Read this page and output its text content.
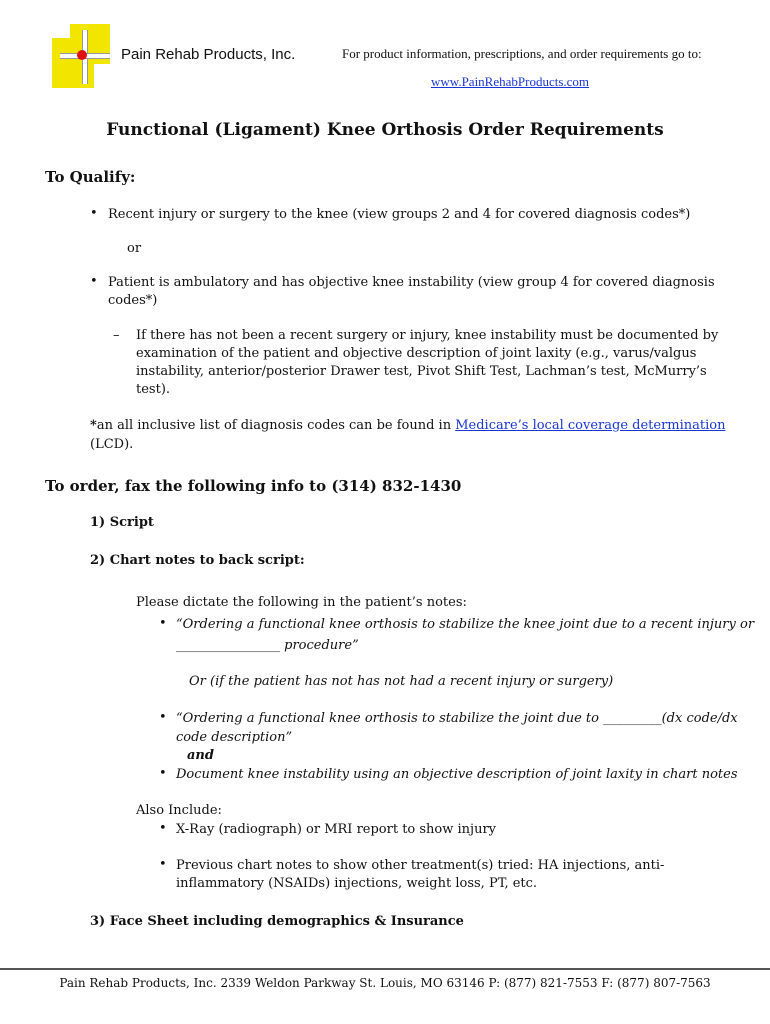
Pain Rehab Products, Inc.	For product information, prescriptions, and order requirements go to:
www.PainRehabProducts.com
Functional (Ligament) Knee Orthosis Order Requirements
To Qualify:
• Recent injury or surgery to the knee (view groups 2 and 4 for covered diagnosis codes*)
or
• Patient is ambulatory and has objective knee instability (view group 4 for covered diagnosis
codes*)
– If there has not been a recent surgery or injury, knee instability must be documented by
examination of the patient and objective description of joint laxity (e.g., varus/valgus
instability, anterior/posterior Drawer test, Pivot Shift Test, Lachman’s test, McMurry’s
test).
*an all inclusive list of diagnosis codes can be found in Medicare’s local coverage determination
(LCD).
To order, fax the following info to (314) 832-1430
1) Script
2) Chart notes to back script:
Please dictate the following in the patient’s notes:
• “Ordering a functional knee orthosis to stabilize the knee joint due to a recent injury or
________________ procedure”
Or (if the patient has not has not had a recent injury or surgery)
• “Ordering a functional knee orthosis to stabilize the joint due to _________(dx code/dx
code description”
and
• Document knee instability using an objective description of joint laxity in chart notes
Also Include:
• X-Ray (radiograph) or MRI report to show injury
• Previous chart notes to show other treatment(s) tried: HA injections, anti-
inflammatory (NSAIDs) injections, weight loss, PT, etc.
3) Face Sheet including demographics & Insurance
Pain Rehab Products, Inc. 2339 Weldon Parkway St. Louis, MO 63146 P: (877) 821-7553 F: (877) 807-7563
